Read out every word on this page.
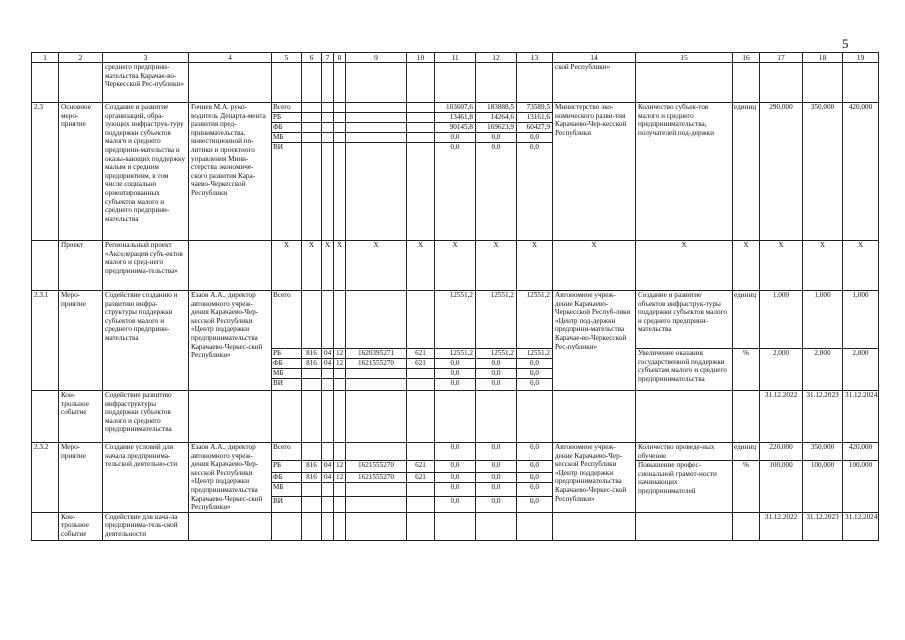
5
1	2	3	4	5	6	7	8	9	10	11	12	13	14	15	16	17	18	19
		среднего предприни-мательства Карачае-во-Черкесской Рес-публики»											ской Республики»					
2.3	Основное меро-приятие	Создание и развитие организаций, обра-зующих инфраструк-туру поддержки субъектов малого и среднего предприни-мательства и оказы-вающих поддержку малым и средним предприятиям, в том числе социально ориентированных субъектов малого и среднего предприни-мательства	Гочиев М.А. руко-водитель Департа-мента развития пред-принимательства, инвестиционной по-литики и проектного управления Мини-стерства экономиче-ского развития Кара-чаево-Черкесской Республики	Всего						103607,6	183888,5	73589,5	Министерство эко-номического разви-тия Карачаево-Чер-кесской Республики	Количество субъек-тов малого и среднего предпринимательства, получателей под-держки	единиц	290,000	350,000	420,000
				РБ						13461,8	14264,6	13161,6						
				ФБ						90145,8	169623,9	60427,9						
				МБ						0,0	0,0	0,0						
				ВИ						0,0	0,0	0,0						
	Проект	Региональный проект «Акселерация субъ-ектов малого и сред-него предпринима-тельства»		X	X	X	X	X	X	X	X	X	X	X	X	X	X	X
2.3.1	Меро-приятие	Содействие созданию и развитию инфра-структуры поддержки субъектов малого и среднего предприни-мательства	Езаов А.А., директор автономного учреж-дения Карачаево-Чер-кесской Республики «Центр поддержки предпринимательства Карачаево-Черкес-ской Республики»	Всего						12551,2	12551,2	12551,2	Автономное учреж-дение Карачаево-Черкесской Респуб-лики «Центр под-держки предприни-мательства Карачае-во-Черкесской Рес-публики»	Создание и развитие объектов инфраструк-туры поддержки субъектов малого и среднего предприни-мательства	единиц	1,000	1,000	1,000
				РБ	816	04	12	1620395271	621	12551,2	12551,2	12551,2		Увеличение оказания государственной поддержки субъектам малого и среднего предпринимательства	%	2,000	2,000	2,000
				ФБ	816	04	12	1621555270	621	0,0	0,0	0,0						
				МБ						0,0	0,0	0,0						
				ВИ						0,0	0,0	0,0						
	Кон-трольное событие	Содействие развитию инфраструктуры поддержки субъектов малого и среднего предпринимательства														31.12.2022	31.12.2023	31.12.2024
2.3.2	Меро-приятие	Создание условий для начала предпринима-тельской деятельно-сти	Езаов А.А., директор автономного учреж-дения Карачаево-Чер-кесской Республики «Центр поддержки предпринимательства Карачаево-Черкес-ской Республики»	Всего						0,0	0,0	0,0	Автономное учреж-дение Карачаево-Чер-кесской Республики «Центр поддержки предпринимательства Карачаево-Черкес-ской Республики»	Количество проведе-ных обучение	единиц	220,000	350,000	420,000
				РБ	816	04	12	1621555270	621	0,0	0,0	0,0		Повышение профес-сиональной грамот-ности начинающих предпринимателей	%	100,000	100,000	100,000
				ФБ	816	04	12	1621555270	621	0,0	0,0	0,0						
				МБ						0,0	0,0	0,0						
				ВИ						0,0	0,0	0,0						
	Кон-трольное событие	Содействие для нача-ла предпринима-тель-ской деятельности														31.12.2022	31.12.2023	31.12.2024
